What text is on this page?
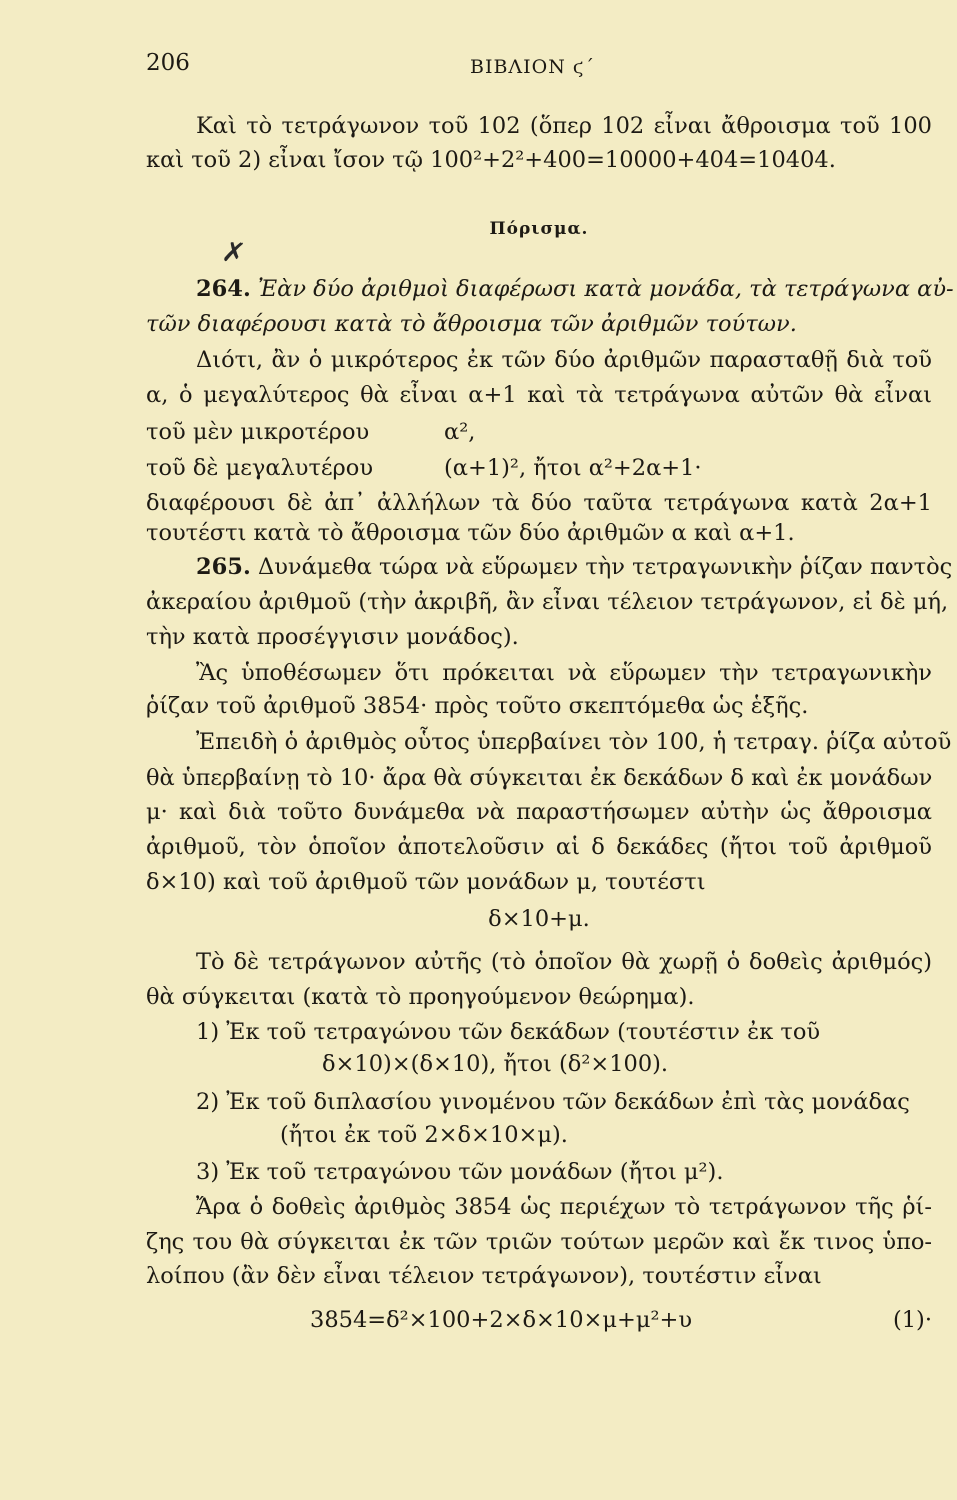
206	ΒΙΒΛΙΟΝ ϛ΄
Καὶ τὸ τετράγωνον τοῦ 102 (ὅπερ 102 εἶναι ἄθροισμα τοῦ 100
καὶ τοῦ 2) εἶναι ἴσον τῷ 100²+2²+400=10000+404=10404.
Πόρισμα.
✗
264. Ἐὰν δύο ἀριθμοὶ διαφέρωσι κατὰ μονάδα, τὰ τετράγωνα αὐ-
τῶν διαφέρουσι κατὰ τὸ ἄθροισμα τῶν ἀριθμῶν τούτων.
Διότι, ἂν ὁ μικρότερος ἐκ τῶν δύο ἀριθμῶν παρασταθῇ διὰ τοῦ
α, ὁ μεγαλύτερος θὰ εἶναι α+1 καὶ τὰ τετράγωνα αὐτῶν θὰ εἶναι
τοῦ μὲν μικροτέρου	α²,
τοῦ δὲ μεγαλυτέρου	(α+1)², ἤτοι α²+2α+1·
διαφέρουσι δὲ ἀπ᾽ ἀλλήλων τὰ δύο ταῦτα τετράγωνα κατὰ 2α+1
τουτέστι κατὰ τὸ ἄθροισμα τῶν δύο ἀριθμῶν α καὶ α+1.
265. Δυνάμεθα τώρα νὰ εὕρωμεν τὴν τετραγωνικὴν ῥίζαν παντὸς
ἀκεραίου ἀριθμοῦ (τὴν ἀκριβῆ, ἂν εἶναι τέλειον τετράγωνον, εἰ δὲ μή,
τὴν κατὰ προσέγγισιν μονάδος).
Ἂς ὑποθέσωμεν ὅτι πρόκειται νὰ εὕρωμεν τὴν τετραγωνικὴν
ῥίζαν τοῦ ἀριθμοῦ 3854· πρὸς τοῦτο σκεπτόμεθα ὡς ἑξῆς.
Ἐπειδὴ ὁ ἀριθμὸς οὗτος ὑπερβαίνει τὸν 100, ἡ τετραγ. ῥίζα αὐτοῦ
θὰ ὑπερβαίνῃ τὸ 10· ἄρα θὰ σύγκειται ἐκ δεκάδων δ καὶ ἐκ μονάδων
μ· καὶ διὰ τοῦτο δυνάμεθα νὰ παραστήσωμεν αὐτὴν ὡς ἄθροισμα
ἀριθμοῦ, τὸν ὁποῖον ἀποτελοῦσιν αἱ δ δεκάδες (ἤτοι τοῦ ἀριθμοῦ
δ×10) καὶ τοῦ ἀριθμοῦ τῶν μονάδων μ, τουτέστι
δ×10+μ.
Τὸ δὲ τετράγωνον αὐτῆς (τὸ ὁποῖον θὰ χωρῇ ὁ δοθεὶς ἀριθμός)
θὰ σύγκειται (κατὰ τὸ προηγούμενον θεώρημα).
1) Ἐκ τοῦ τετραγώνου τῶν δεκάδων (τουτέστιν ἐκ τοῦ
δ×10)×(δ×10), ἤτοι (δ²×100).
2) Ἐκ τοῦ διπλασίου γινομένου τῶν δεκάδων ἐπὶ τὰς μονάδας
(ἤτοι ἐκ τοῦ 2×δ×10×μ).
3) Ἐκ τοῦ τετραγώνου τῶν μονάδων (ἤτοι μ²).
Ἄρα ὁ δοθεὶς ἀριθμὸς 3854 ὡς περιέχων τὸ τετράγωνον τῆς ῥί-
ζης του θὰ σύγκειται ἐκ τῶν τριῶν τούτων μερῶν καὶ ἔκ τινος ὑπο-
λοίπου (ἂν δὲν εἶναι τέλειον τετράγωνον), τουτέστιν εἶναι
3854=δ²×100+2×δ×10×μ+μ²+υ	(1)·
